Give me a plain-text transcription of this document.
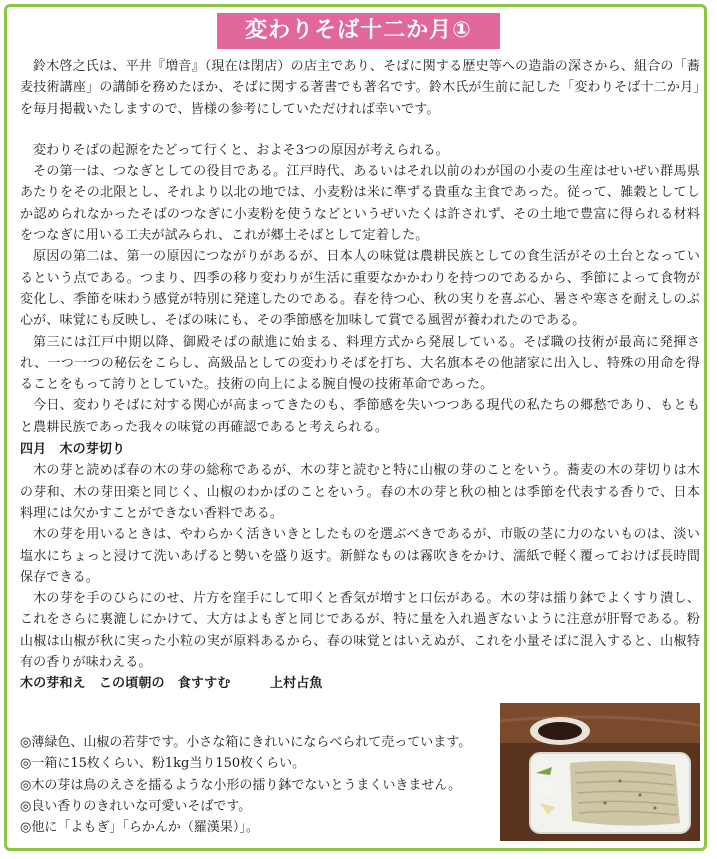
変わりそば十二か月①

鈴木啓之氏は、平井『増音』（現在は閉店）の店主であり、そばに関する歴史等への造詣の深さから、組合の「蕎麦技術講座」の講師を務めたほか、そばに関する著書でも著名です。鈴木氏が生前に記した「変わりそば十二か月」を毎月掲載いたしますので、皆様の参考にしていただければ幸いです。

変わりそばの起源をたどって行くと、およそ3つの原因が考えられる。

その第一は、つなぎとしての役目である。江戸時代、あるいはそれ以前のわが国の小麦の生産はせいぜい群馬県あたりをその北限とし、それより以北の地では、小麦粉は米に準ずる貴重な主食であった。従って、雑穀としてしか認められなかったそばのつなぎに小麦粉を使うなどというぜいたくは許されず、その土地で豊富に得られる材料をつなぎに用いる工夫が試みられ、これが郷土そばとして定着した。

原因の第二は、第一の原因につながりがあるが、日本人の味覚は農耕民族としての食生活がその土台となっているという点である。つまり、四季の移り変わりが生活に重要なかかわりを持つのであるから、季節によって食物が変化し、季節を味わう感覚が特別に発達したのである。春を待つ心、秋の実りを喜ぶ心、暑さや寒さを耐えしのぶ心が、味覚にも反映し、そばの味にも、その季節感を加味して賞でる風習が養われたのである。

第三には江戸中期以降、御殿そばの献進に始まる、料理方式から発展している。そば職の技術が最高に発揮され、一つ一つの秘伝をこらし、高級品としての変わりそばを打ち、大名旗本その他諸家に出入し、特殊の用命を得ることをもって誇りとしていた。技術の向上による腕自慢の技術革命であった。

今日、変わりそばに対する関心が高まってきたのも、季節感を失いつつある現代の私たちの郷愁であり、もともと農耕民族であった我々の味覚の再確認であると考えられる。

四月　木の芽切り

木の芽と読めば春の木の芽の総称であるが、木の芽と読むと特に山椒の芽のことをいう。蕎麦の木の芽切りは木の芽和、木の芽田楽と同じく、山椒のわかばのことをいう。春の木の芽と秋の柚とは季節を代表する香りで、日本料理には欠かすことができない香料である。

木の芽を用いるときは、やわらかく活きいきとしたものを選ぶべきであるが、市販の茎に力のないものは、淡い塩水にちょっと浸けて洗いあげると勢いを盛り返す。新鮮なものは霧吹きをかけ、濡紙で軽く覆っておけば長時間保存できる。

木の芽を手のひらにのせ、片方を窪手にして叩くと香気が増すと口伝がある。木の芽は擂り鉢でよくすり潰し、これをさらに裏漉しにかけて、大方はよもぎと同じであるが、特に量を入れ過ぎないように注意が肝腎である。粉山椒は山椒が秋に実った小粒の実が原料あるから、春の味覚とはいえぬが、これを小量そばに混入すると、山椒特有の香りが味わえる。

木の芽和え　この頃朝の　食すすむ　　　上村占魚

◎薄緑色、山椒の若芽です。小さな箱にきれいにならべられて売っています。
◎一箱に15枚くらい、粉1kg当り150枚くらい。
◎木の芽は鳥のえさを擂るような小形の擂り鉢でないとうまくいきません。
◎良い香りのきれいな可愛いそばです。
◎他に「よもぎ」「らかんか（羅漢果）」。
